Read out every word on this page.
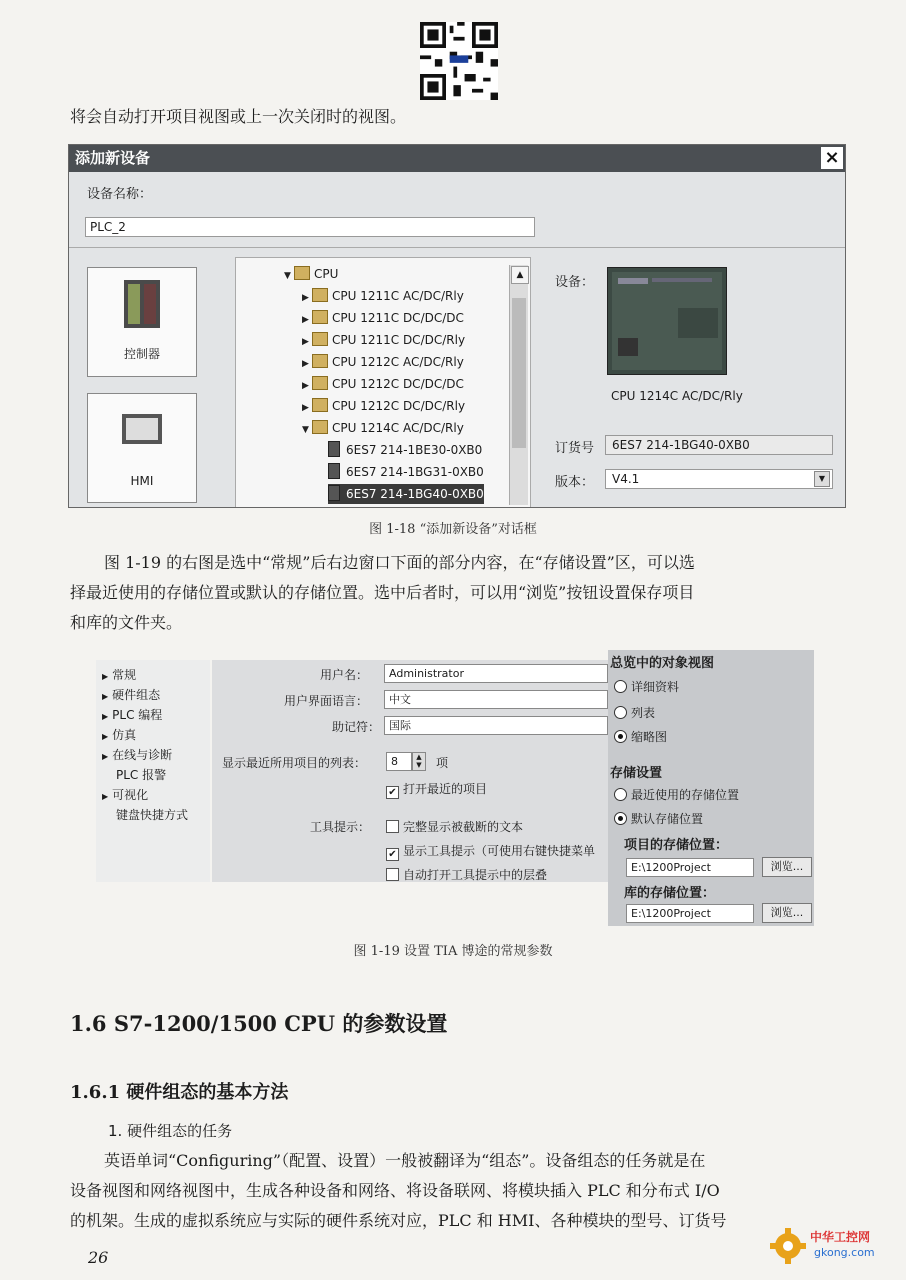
将会自动打开项目视图或上一次关闭时的视图。
添加新设备	×
设备名称：
PLC_2
控制器
HMI
▼ CPU
▶ CPU 1211C AC/DC/Rly
▶ CPU 1211C DC/DC/DC
▶ CPU 1211C DC/DC/Rly
▶ CPU 1212C AC/DC/Rly
▶ CPU 1212C DC/DC/DC
▶ CPU 1212C DC/DC/Rly
▼ CPU 1214C AC/DC/Rly
6ES7 214-1BE30-0XB0
6ES7 214-1BG31-0XB0
6ES7 214-1BG40-0XB0
▲	设备：
CPU 1214C AC/DC/Rly
订货号	6ES7 214-1BG40-0XB0
版本：	V4.1	▼
图 1-18 “添加新设备”对话框
图 1-19 的右图是选中“常规”后右边窗口下面的部分内容，在“存储设置”区，可以选
择最近使用的存储位置或默认的存储位置。选中后者时，可以用“浏览”按钮设置保存项目
和库的文件夹。
▶ 常规
▶ 硬件组态
▶ PLC 编程
▶ 仿真
▶ 在线与诊断
PLC 报警
▶ 可视化
键盘快捷方式
用户名：	Administrator
用户界面语言：	中文
助记符： 国际
显示最近所用项目的列表：	8	▲
▼	项
✔ 打开最近的项目
工具提示：	完整显示被截断的文本
✔ 显示工具提示（可使用右键快捷菜单
自动打开工具提示中的层叠
总览中的对象视图
详细资料
列表
缩略图
存储设置
最近使用的存储位置
默认存储位置
项目的存储位置：
E:\1200Project	浏览...
库的存储位置：
E:\1200Project	浏览...
图 1-19 设置 TIA 博途的常规参数
1.6 S7-1200/1500 CPU 的参数设置
1.6.1 硬件组态的基本方法
1. 硬件组态的任务
英语单词“Configuring”（配置、设置）一般被翻译为“组态”。设备组态的任务就是在
设备视图和网络视图中，生成各种设备和网络、将设备联网、将模块插入 PLC 和分布式 I/O
的机架。生成的虚拟系统应与实际的硬件系统对应，PLC 和 HMI、各种模块的型号、订货号
26
中华工控网
gkong.com
